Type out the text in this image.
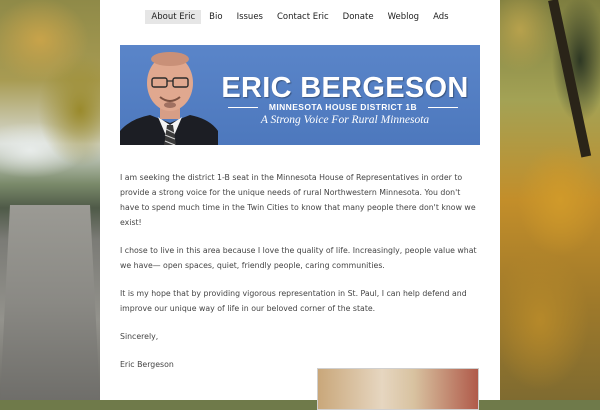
About Eric	Bio	Issues	Contact Eric	Donate	Weblog	Ads
ERIC BERGESON
MINNESOTA HOUSE DISTRICT 1B
A Strong Voice For Rural Minnesota

I am seeking the district 1-B seat in the Minnesota House of Representatives in order to provide a strong voice for the unique needs of rural Northwestern Minnesota. You don't have to spend much time in the Twin Cities to know that many people there don't know we exist!

I chose to live in this area because I love the quality of life. Increasingly, people value what we have— open spaces, quiet, friendly people, caring communities.

It is my hope that by providing vigorous representation in St. Paul, I can help defend and improve our unique way of life in our beloved corner of the state.

Sincerely,

Eric Bergeson
